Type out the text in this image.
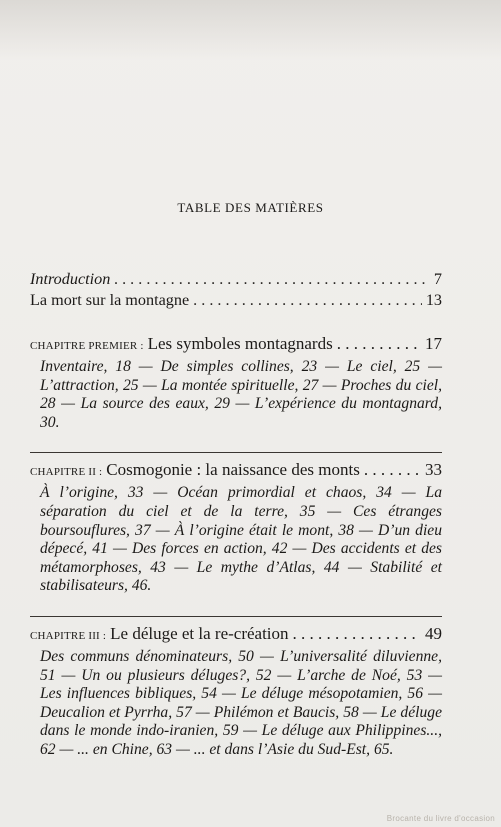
TABLE DES MATIÈRES
Introduction . . .	7
La mort sur la montagne . . .	13
CHAPITRE PREMIER : Les symboles montagnards . . .	17
Inventaire, 18 — De simples collines, 23 — Le ciel, 25 — L’attraction, 25 — La montée spirituelle, 27 — Proches du ciel, 28 — La source des eaux, 29 — L’expérience du montagnard, 30.
CHAPITRE II : Cosmogonie : la naissance des monts . . .	33
À l’origine, 33 — Océan primordial et chaos, 34 — La séparation du ciel et de la terre, 35 — Ces étranges boursouflures, 37 — À l’origine était le mont, 38 — D’un dieu dépecé, 41 — Des forces en action, 42 — Des accidents et des métamorphoses, 43 — Le mythe d’Atlas, 44 — Stabilité et stabilisateurs, 46.
CHAPITRE III : Le déluge et la re-création . . .	49
Des communs dénominateurs, 50 — L’universalité diluvienne, 51 — Un ou plusieurs déluges?, 52 — L’arche de Noé, 53 — Les influences bibliques, 54 — Le déluge mésopotamien, 56 — Deucalion et Pyrrha, 57 — Philémon et Baucis, 58 — Le déluge dans le monde indo-iranien, 59 — Le déluge aux Philippines..., 62 — ... en Chine, 63 — ... et dans l’Asie du Sud-Est, 65.
Brocante du livre d'occasion
